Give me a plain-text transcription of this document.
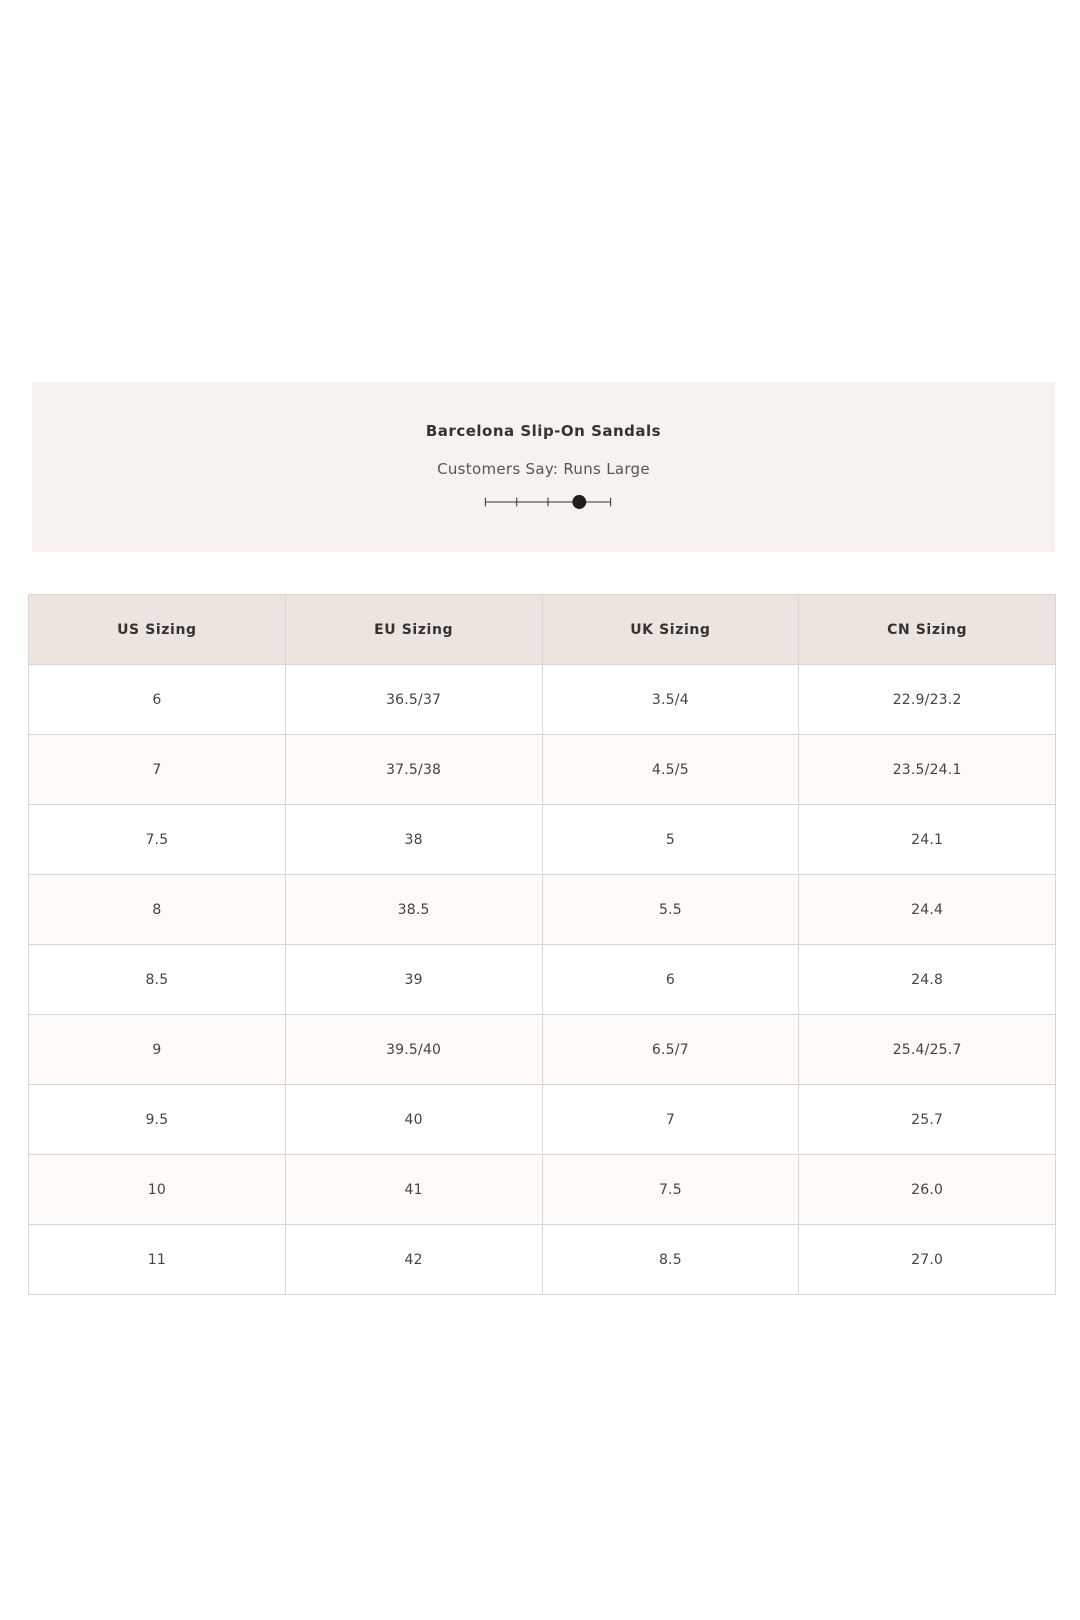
Barcelona Slip-On Sandals
Customers Say: Runs Large
US Sizing	EU Sizing	UK Sizing	CN Sizing
6	36.5/37	3.5/4	22.9/23.2
7	37.5/38	4.5/5	23.5/24.1
7.5	38	5	24.1
8	38.5	5.5	24.4
8.5	39	6	24.8
9	39.5/40	6.5/7	25.4/25.7
9.5	40	7	25.7
10	41	7.5	26.0
11	42	8.5	27.0
